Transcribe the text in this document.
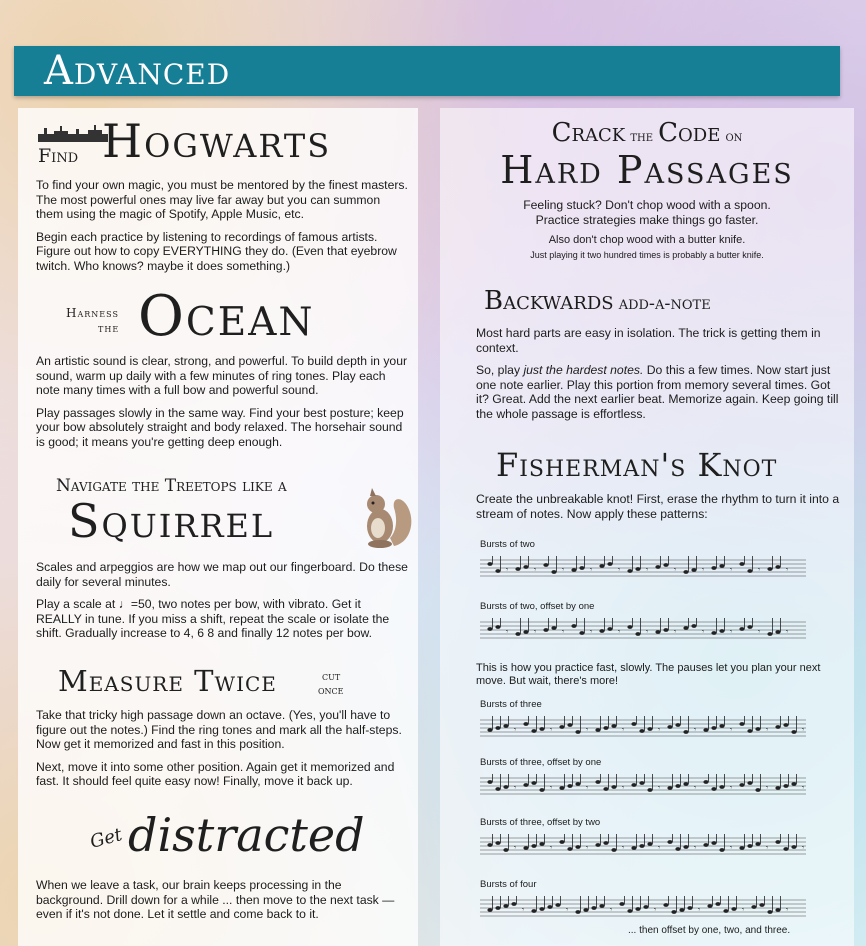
Advanced
Find Hogwarts

To find your own magic, you must be mentored by the finest masters. The most powerful ones may live far away but you can summon them using the magic of Spotify, Apple Music, etc.

Begin each practice by listening to recordings of famous artists. Figure out how to copy EVERYTHING they do. (Even that eyebrow twitch. Who knows? maybe it does something.)

Harness
the Ocean

An artistic sound is clear, strong, and powerful. To build depth in your sound, warm up daily with a few minutes of ring tones. Play each note many times with a full bow and powerful sound.

Play passages slowly in the same way. Find your best posture; keep your bow absolutely straight and body relaxed. The horsehair sound is good; it means you're getting deep enough.

Navigate the Treetops like a
Squirrel

Scales and arpeggios are how we map out our fingerboard. Do these daily for several minutes.

Play a scale at ♩=50, two notes per bow, with vibrato. Get it REALLY in tune. If you miss a shift, repeat the scale or isolate the shift. Gradually increase to 4, 6 8 and finally 12 notes per bow.

Measure Twice	cut
once

Take that tricky high passage down an octave. (Yes, you'll have to figure out the notes.) Find the ring tones and mark all the half-steps. Now get it memorized and fast in this position.

Next, move it into some other position. Again get it memorized and fast. It should feel quite easy now! Finally, move it back up.

Get distracted

When we leave a task, our brain keeps processing in the background. Drill down for a while ... then move to the next task — even if it's not done. Let it settle and come back to it.

Crack the Code on
Hard Passages

Feeling stuck? Don't chop wood with a spoon.

Practice strategies make things go faster.

Also don't chop wood with a butter knife.

Just playing it two hundred times is probably a butter knife.

Backwards add-a-note

Most hard parts are easy in isolation. The trick is getting them in context.

So, play just the hardest notes. Do this a few times. Now start just one note earlier. Play this portion from memory several times. Got it? Great. Add the next earlier beat. Memorize again. Keep going till the whole passage is effortless.

Fisherman's Knot

Create the unbreakable knot! First, erase the rhythm to turn it into a stream of notes. Now apply these patterns:

Bursts of two

𝄾	𝄾	𝄾	𝄾	𝄾	𝄾	𝄾	𝄾	𝄾	𝄾	𝄾

Bursts of two, offset by one

𝄾	𝄾	𝄾	𝄾	𝄾	𝄾	𝄾	𝄾	𝄾	𝄾	𝄾

This is how you practice fast, slowly. The pauses let you plan your next move. But wait, there's more!

Bursts of three

𝄾	𝄾	𝄾	𝄾	𝄾	𝄾	𝄾	𝄾	𝄾

Bursts of three, offset by one

𝄾	𝄾	𝄾	𝄾	𝄾	𝄾	𝄾	𝄾	𝄾

Bursts of three, offset by two

𝄾	𝄾	𝄾	𝄾	𝄾	𝄾	𝄾	𝄾	𝄾

Bursts of four

𝄾	𝄾	𝄾	𝄾	𝄾	𝄾	𝄾

... then offset by one, two, and three.
